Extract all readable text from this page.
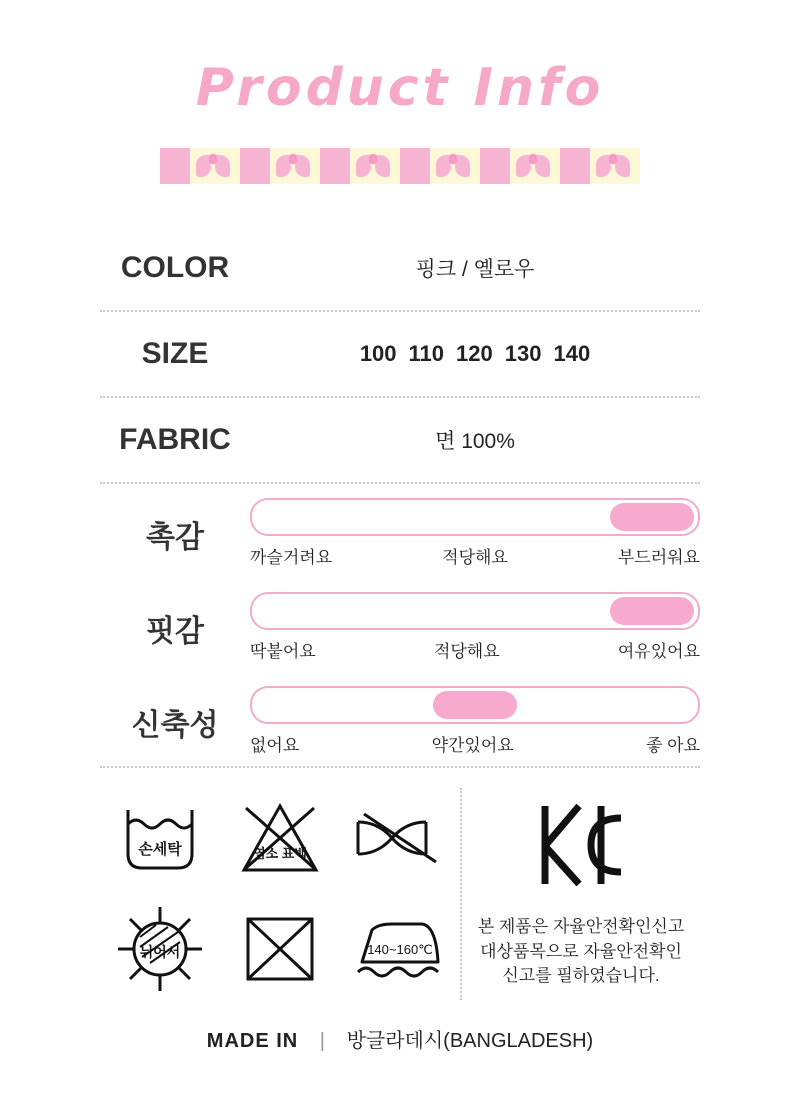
Product Info
COLOR	핑크 / 옐로우
SIZE	100 110 120 130 140
FABRIC	면 100%
촉감
까슬거려요	적당해요	부드러워요
핏감
딱붙어요	적당해요	여유있어요
신축성
없어요	약간있어요	좋 아요
손세탁	염소 표백
뉘어서	140~160℃
본 제품은 자율안전확인신고
대상품목으로 자율안전확인
신고를 필하였습니다.
MADE IN | 방글라데시(BANGLADESH)
